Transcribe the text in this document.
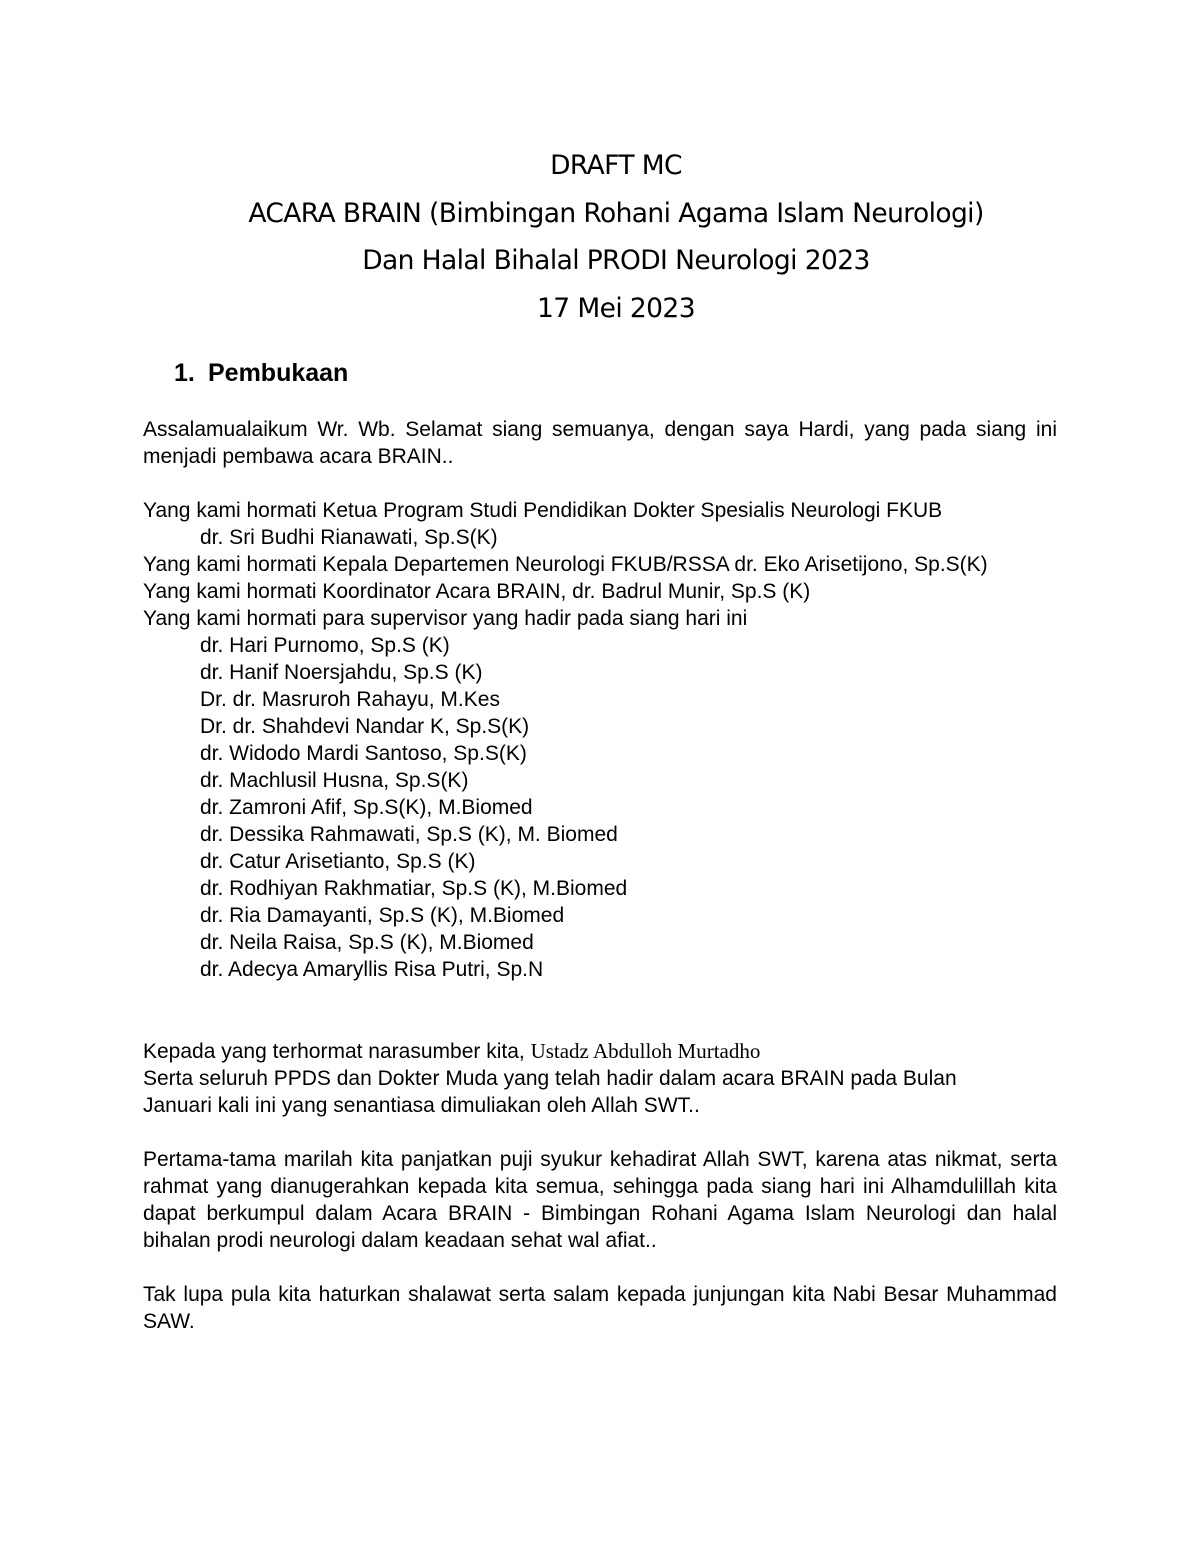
DRAFT MC
ACARA BRAIN (Bimbingan Rohani Agama Islam Neurologi)
Dan Halal Bihalal PRODI Neurologi 2023
17 Mei 2023
1. Pembukaan
Assalamualaikum Wr. Wb. Selamat siang semuanya, dengan saya Hardi, yang pada siang ini menjadi pembawa acara BRAIN..
Yang kami hormati Ketua Program Studi Pendidikan Dokter Spesialis Neurologi FKUB
dr. Sri Budhi Rianawati, Sp.S(K)
Yang kami hormati Kepala Departemen Neurologi FKUB/RSSA dr. Eko Arisetijono, Sp.S(K)
Yang kami hormati Koordinator Acara BRAIN, dr. Badrul Munir, Sp.S (K)
Yang kami hormati para supervisor yang hadir pada siang hari ini
dr. Hari Purnomo, Sp.S (K)
dr. Hanif Noersjahdu, Sp.S (K)
Dr. dr. Masruroh Rahayu, M.Kes
Dr. dr. Shahdevi Nandar K, Sp.S(K)
dr. Widodo Mardi Santoso, Sp.S(K)
dr. Machlusil Husna, Sp.S(K)
dr. Zamroni Afif, Sp.S(K), M.Biomed
dr. Dessika Rahmawati, Sp.S (K), M. Biomed
dr. Catur Arisetianto, Sp.S (K)
dr. Rodhiyan Rakhmatiar, Sp.S (K), M.Biomed
dr. Ria Damayanti, Sp.S (K), M.Biomed
dr. Neila Raisa, Sp.S (K), M.Biomed
dr. Adecya Amaryllis Risa Putri, Sp.N
Kepada yang terhormat narasumber kita, Ustadz Abdulloh Murtadho
Serta seluruh PPDS dan Dokter Muda yang telah hadir dalam acara BRAIN pada Bulan
Januari kali ini yang senantiasa dimuliakan oleh Allah SWT..
Pertama-tama marilah kita panjatkan puji syukur kehadirat Allah SWT, karena atas nikmat, serta rahmat yang dianugerahkan kepada kita semua, sehingga pada siang hari ini Alhamdulillah kita dapat berkumpul dalam Acara BRAIN - Bimbingan Rohani Agama Islam Neurologi dan halal bihalan prodi neurologi dalam keadaan sehat wal afiat..
Tak lupa pula kita haturkan shalawat serta salam kepada junjungan kita Nabi Besar Muhammad SAW.
